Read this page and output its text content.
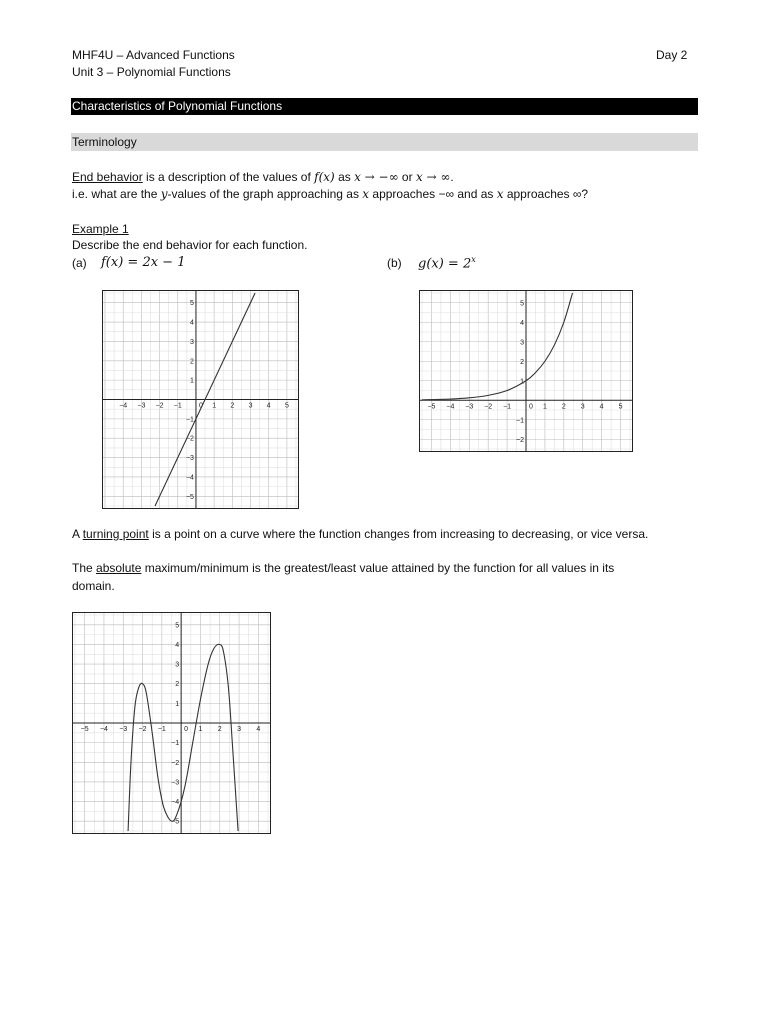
MHF4U – Advanced Functions
Unit 3 – Polynomial Functions
Day 2
Characteristics of Polynomial Functions
Terminology
End behavior is a description of the values of f(x) as x → −∞ or x → ∞.
i.e. what are the y-values of the graph approaching as x approaches −∞ and as x approaches ∞?
Example 1
Describe the end behavior for each function.
(a) f(x) = 2x − 1	(b) $g(x) = 2^x$
−4 −3 −2 −1 0 1 2 3 4 5
5
4
3
2
1
−1
−2
−3
−4
−5
−5 −4 −3 −2 −1	0 1 2 3 4 5
5
4
3
2
1
−1
−2
A turning point is a point on a curve where the function changes from increasing to decreasing, or vice versa.
The absolute maximum/minimum is the greatest/least value attained by the function for all values in its
domain.
−5 −4 −3 −2 −1	0 1 2 3 4
5
4
3
2
1
−1
−2
−3
−4
−5
